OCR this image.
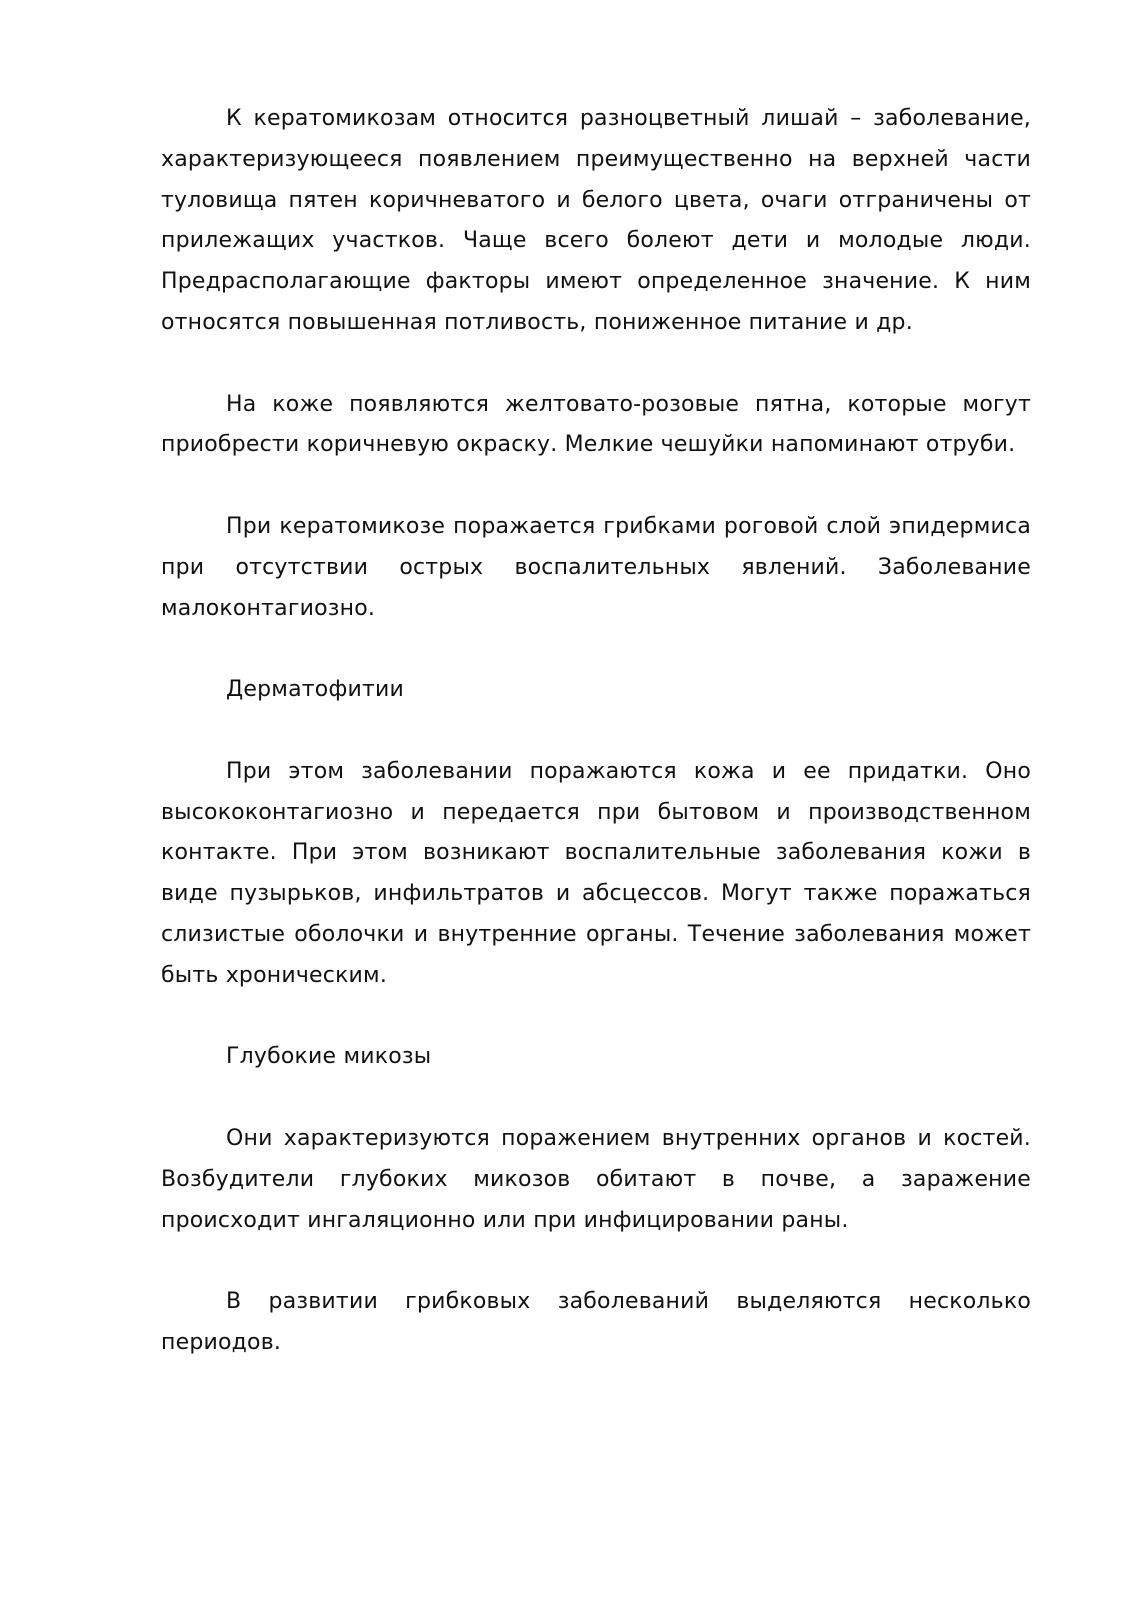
К кератомикозам относится разноцветный лишай – заболевание, характеризующееся появлением преимущественно на верхней части туловища пятен коричневатого и белого цвета, очаги отграничены от прилежащих участков. Чаще всего болеют дети и молодые люди. Предрасполагающие факторы имеют определенное значение. К ним относятся повышенная потливость, пониженное питание и др.

На коже появляются желтовато-розовые пятна, которые могут приобрести коричневую окраску. Мелкие чешуйки напоминают отруби.

При кератомикозе поражается грибками роговой слой эпидермиса при отсутствии острых воспалительных явлений. Заболевание малоконтагиозно.

Дерматофитии

При этом заболевании поражаются кожа и ее придатки. Оно высококонтагиозно и передается при бытовом и производственном контакте. При этом возникают воспалительные заболевания кожи в виде пузырьков, инфильтратов и абсцессов. Могут также поражаться слизистые оболочки и внутренние органы. Течение заболевания может быть хроническим.

Глубокие микозы

Они характеризуются поражением внутренних органов и костей. Возбудители глубоких микозов обитают в почве, а заражение происходит ингаляционно или при инфицировании раны.

В развитии грибковых заболеваний выделяются несколько периодов.
